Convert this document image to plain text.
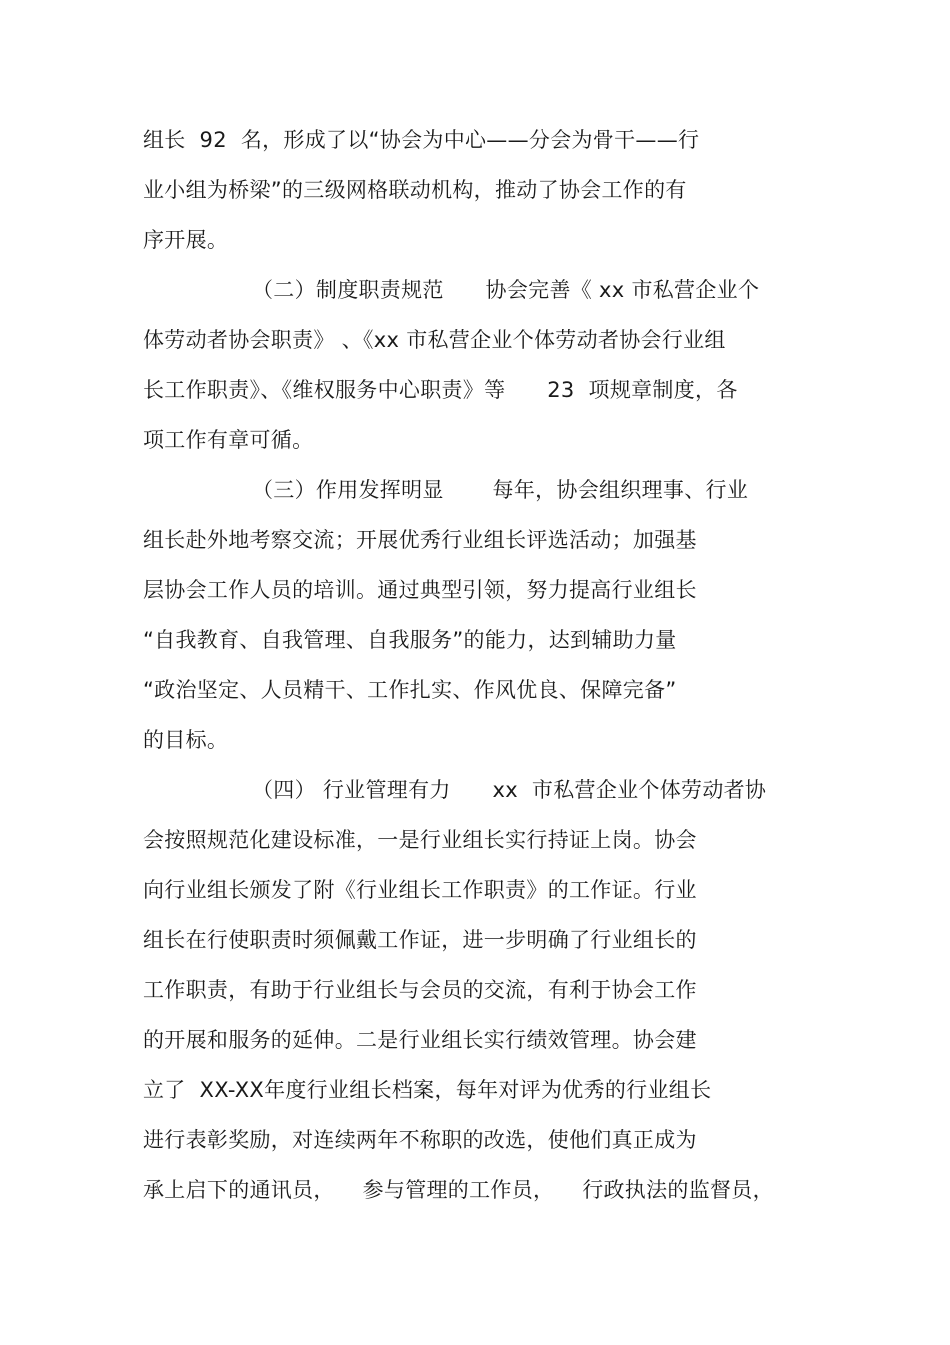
组长  92  名，形成了以“协会为中心——分会为骨干——行
业小组为桥梁”的三级网格联动机构，推动了协会工作的有
序开展。
（二）制度职责规范      协会完善《 xx 市私营企业个
体劳动者协会职责》 、《xx 市私营企业个体劳动者协会行业组
长工作职责》、《维权服务中心职责》等      23  项规章制度，各
项工作有章可循。
（三）作用发挥明显       每年，协会组织理事、行业
组长赴外地考察交流；开展优秀行业组长评选活动；加强基
层协会工作人员的培训。通过典型引领，努力提高行业组长
“自我教育、自我管理、自我服务”的能力，达到辅助力量
“政治坚定、人员精干、工作扎实、作风优良、保障完备”
的目标。
（四） 行业管理有力      xx  市私营企业个体劳动者协
会按照规范化建设标准，一是行业组长实行持证上岗。协会
向行业组长颁发了附《行业组长工作职责》的工作证。行业
组长在行使职责时须佩戴工作证，进一步明确了行业组长的
工作职责，有助于行业组长与会员的交流，有利于协会工作
的开展和服务的延伸。二是行业组长实行绩效管理。协会建
立了  XX-XX年度行业组长档案，每年对评为优秀的行业组长
进行表彰奖励，对连续两年不称职的改选，使他们真正成为
承上启下的通讯员，    参与管理的工作员，    行政执法的监督员，
